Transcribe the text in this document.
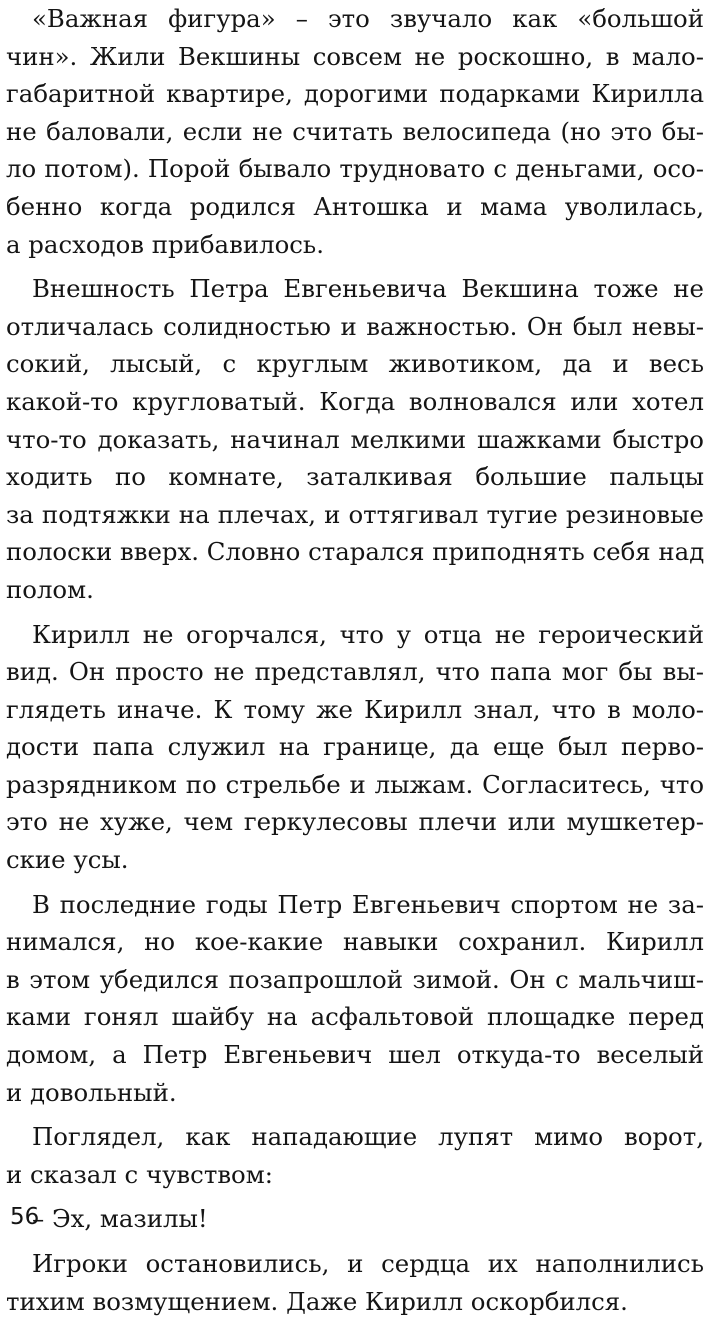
«Важная фигура» – это звучало как «большой
чин». Жили Векшины совсем не роскошно, в мало-
габаритной квартире, дорогими подарками Кирилла
не баловали, если не считать велосипеда (но это бы-
ло потом). Порой бывало трудновато с деньгами, осо-
бенно когда родился Антошка и мама уволилась,
а расходов прибавилось.
Внешность Петра Евгеньевича Векшина тоже не
отличалась солидностью и важностью. Он был невы-
сокий, лысый, с круглым животиком, да и весь
какой-то кругловатый. Когда волновался или хотел
что-то доказать, начинал мелкими шажками быстро
ходить по комнате, заталкивая большие пальцы
за подтяжки на плечах, и оттягивал тугие резиновые
полоски вверх. Словно старался приподнять себя над
полом.
Кирилл не огорчался, что у отца не героический
вид. Он просто не представлял, что папа мог бы вы-
глядеть иначе. К тому же Кирилл знал, что в моло-
дости папа служил на границе, да еще был перво-
разрядником по стрельбе и лыжам. Согласитесь, что
это не хуже, чем геркулесовы плечи или мушкетер-
ские усы.
В последние годы Петр Евгеньевич спортом не за-
нимался, но кое-какие навыки сохранил. Кирилл
в этом убедился позапрошлой зимой. Он с мальчиш-
ками гонял шайбу на асфальтовой площадке перед
домом, а Петр Евгеньевич шел откуда-то веселый
и довольный.
Поглядел, как нападающие лупят мимо ворот,
и сказал с чувством:
– Эх, мазилы!
Игроки остановились, и сердца их наполнились
тихим возмущением. Даже Кирилл оскорбился.
56
